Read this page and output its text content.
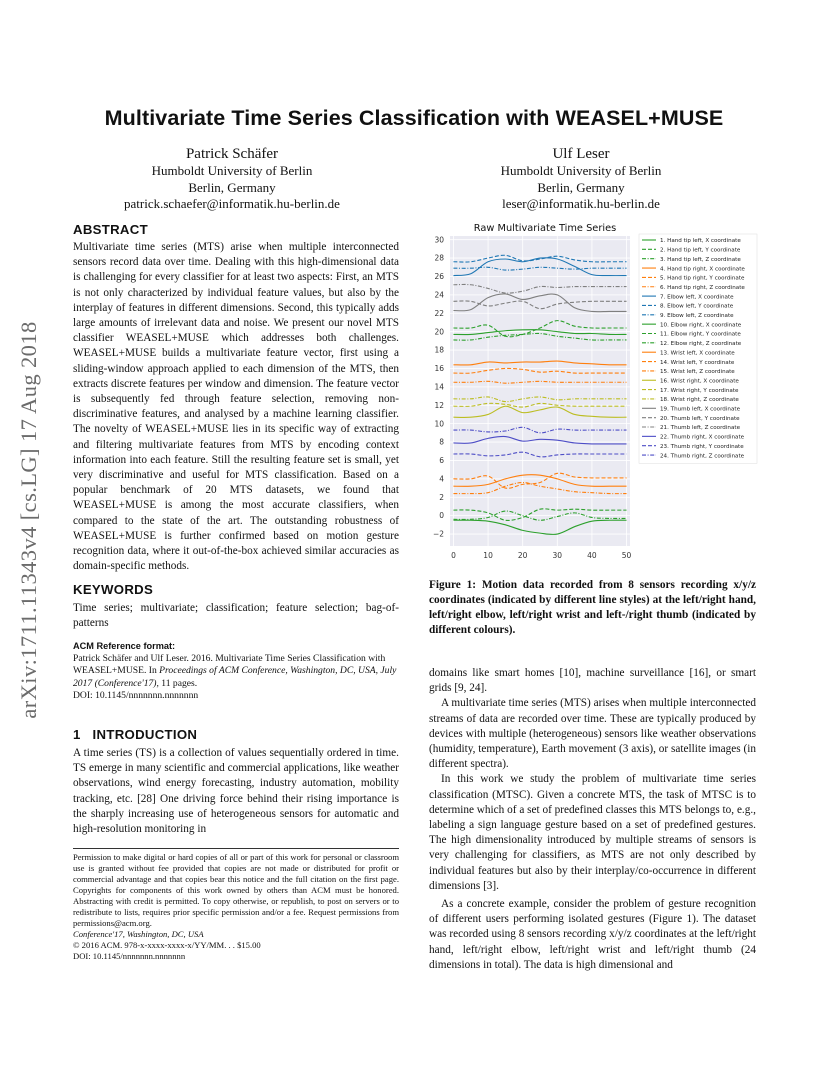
Multivariate Time Series Classification with WEASEL+MUSE
Patrick Schäfer
Humboldt University of Berlin
Berlin, Germany
patrick.schaefer@informatik.hu-berlin.de
Ulf Leser
Humboldt University of Berlin
Berlin, Germany
leser@informatik.hu-berlin.de
arXiv:1711.11343v4 [cs.LG] 17 Aug 2018
ABSTRACT

Multivariate time series (MTS) arise when multiple interconnected sensors record data over time. Dealing with this high-dimensional data is challenging for every classifier for at least two aspects: First, an MTS is not only characterized by individual feature values, but also by the interplay of features in different dimensions. Second, this typically adds large amounts of irrelevant data and noise. We present our novel MTS classifier WEASEL+MUSE which addresses both challenges. WEASEL+MUSE builds a multivariate feature vector, first using a sliding-window approach applied to each dimension of the MTS, then extracts discrete features per window and dimension. The feature vector is subsequently fed through feature selection, removing non-discriminative features, and analysed by a machine learning classifier. The novelty of WEASEL+MUSE lies in its specific way of extracting and filtering multivariate features from MTS by encoding context information into each feature. Still the resulting feature set is small, yet very discriminative and useful for MTS classification. Based on a popular benchmark of 20 MTS datasets, we found that WEASEL+MUSE is among the most accurate classifiers, when compared to the state of the art. The outstanding robustness of WEASEL+MUSE is further confirmed based on motion gesture recognition data, where it out-of-the-box achieved similar accuracies as domain-specific methods.

KEYWORDS

Time series; multivariate; classification; feature selection; bag-of-patterns

ACM Reference format:

Patrick Schäfer and Ulf Leser. 2016. Multivariate Time Series Classification with WEASEL+MUSE. In Proceedings of ACM Conference, Washington, DC, USA, July 2017 (Conference'17), 11 pages.

DOI: 10.1145/nnnnnnn.nnnnnnn

1 INTRODUCTION

A time series (TS) is a collection of values sequentially ordered in time. TS emerge in many scientific and commercial applications, like weather observations, wind energy forecasting, industry automation, mobility tracking, etc. [28] One driving force behind their rising importance is the sharply increasing use of heterogeneous sensors for automatic and high-resolution monitoring in

Permission to make digital or hard copies of all or part of this work for personal or classroom use is granted without fee provided that copies are not made or distributed for profit or commercial advantage and that copies bear this notice and the full citation on the first page. Copyrights for components of this work owned by others than ACM must be honored. Abstracting with credit is permitted. To copy otherwise, or republish, to post on servers or to redistribute to lists, requires prior specific permission and/or a fee. Request permissions from permissions@acm.org.

Conference'17, Washington, DC, USA

© 2016 ACM. 978-x-xxxx-xxxx-x/YY/MM. . . $15.00

DOI: 10.1145/nnnnnnn.nnnnnnn

0	10	20	30	40	50
−2
0
2
4
6
8
10
12
14
16
18
20
22
24
26
28
30
Raw Multivariate Time Series
1. Hand tip left, X coordinate
2. Hand tip left, Y coordinate
3. Hand tip left, Z coordinate
4. Hand tip right, X coordinate
5. Hand tip right, Y coordinate
6. Hand tip right, Z coordinate
7. Elbow left, X coordinate
8. Elbow left, Y coordinate
9. Elbow left, Z coordinate
10. Elbow right, X coordinate
11. Elbow right, Y coordinate
12. Elbow right, Z coordinate
13. Wrist left, X coordinate
14. Wrist left, Y coordinate
15. Wrist left, Z coordinate
16. Wrist right, X coordinate
17. Wrist right, Y coordinate
18. Wrist right, Z coordinate
19. Thumb left, X coordinate
20. Thumb left, Y coordinate
21. Thumb left, Z coordinate
22. Thumb right, X coordinate
23. Thumb right, Y coordinate
24. Thumb right, Z coordinate
Figure 1: Motion data recorded from 8 sensors recording x/y/z coordinates (indicated by different line styles) at the left/right hand, left/right elbow, left/right wrist and left-/right thumb (indicated by different colours).

domains like smart homes [10], machine surveillance [16], or smart grids [9, 24].

A multivariate time series (MTS) arises when multiple interconnected streams of data are recorded over time. These are typically produced by devices with multiple (heterogeneous) sensors like weather observations (humidity, temperature), Earth movement (3 axis), or satellite images (in different spectra).

In this work we study the problem of multivariate time series classification (MTSC). Given a concrete MTS, the task of MTSC is to determine which of a set of predefined classes this MTS belongs to, e.g., labeling a sign language gesture based on a set of predefined gestures. The high dimensionality introduced by multiple streams of sensors is very challenging for classifiers, as MTS are not only described by individual features but also by their interplay/co-occurrence in different dimensions [3].

As a concrete example, consider the problem of gesture recognition of different users performing isolated gestures (Figure 1). The dataset was recorded using 8 sensors recording x/y/z coordinates at the left/right hand, left/right elbow, left/right wrist and left/right thumb (24 dimensions in total). The data is high dimensional and
